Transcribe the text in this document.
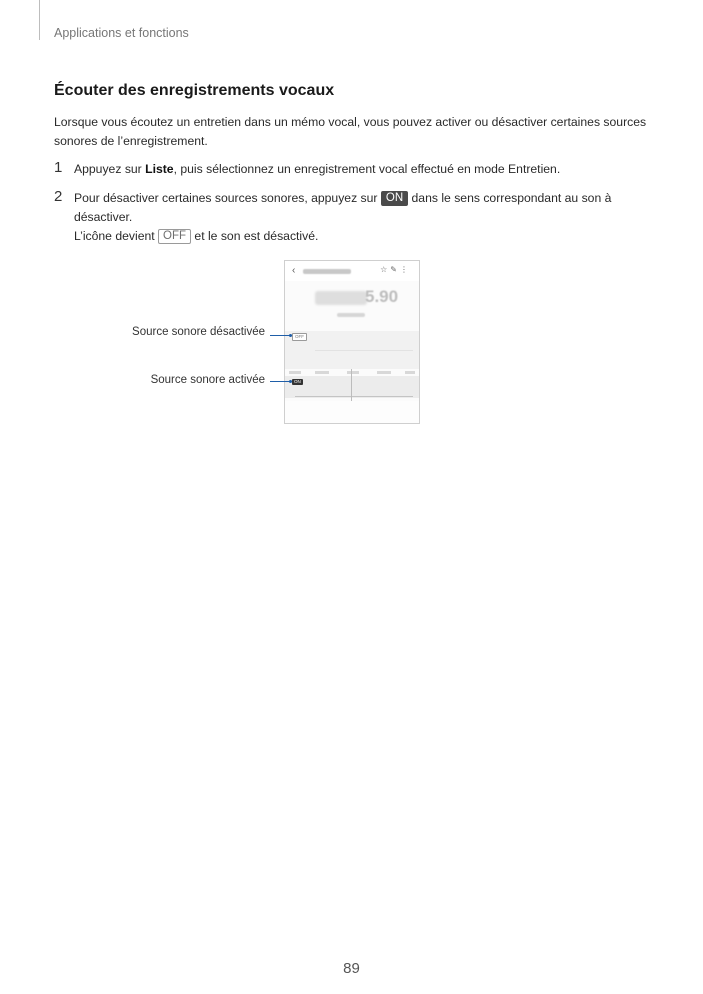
Applications et fonctions
Écouter des enregistrements vocaux

Lorsque vous écoutez un entretien dans un mémo vocal, vous pouvez activer ou désactiver certaines sources sonores de l’enregistrement.

1 Appuyez sur Liste, puis sélectionnez un enregistrement vocal effectué en mode Entretien.
2 Pour désactiver certaines sources sonores, appuyez sur ON dans le sens correspondant au son à désactiver.
L’icône devient OFF et le son est désactivé.
‹	☆✎⋮
5.90
OFF
ON
Source sonore désactivée
Source sonore activée
89
